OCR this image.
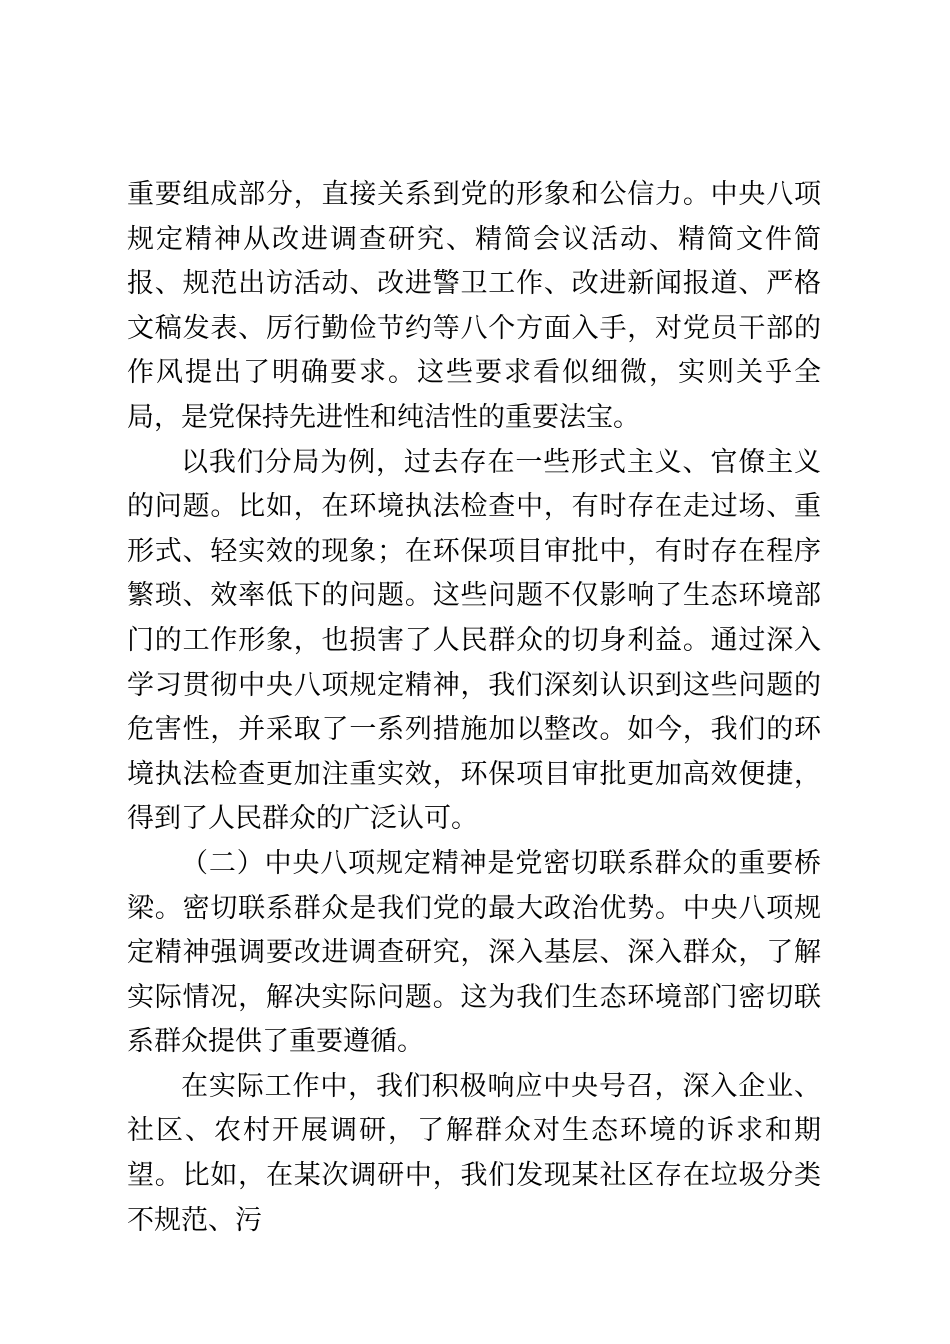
重要组成部分，直接关系到党的形象和公信力。中央八项规定精神从改进调查研究、精简会议活动、精简文件简报、规范出访活动、改进警卫工作、改进新闻报道、严格文稿发表、厉行勤俭节约等八个方面入手，对党员干部的作风提出了明确要求。这些要求看似细微，实则关乎全局，是党保持先进性和纯洁性的重要法宝。

以我们分局为例，过去存在一些形式主义、官僚主义的问题。比如，在环境执法检查中，有时存在走过场、重形式、轻实效的现象；在环保项目审批中，有时存在程序繁琐、效率低下的问题。这些问题不仅影响了生态环境部门的工作形象，也损害了人民群众的切身利益。通过深入学习贯彻中央八项规定精神，我们深刻认识到这些问题的危害性，并采取了一系列措施加以整改。如今，我们的环境执法检查更加注重实效，环保项目审批更加高效便捷，得到了人民群众的广泛认可。

（二）中央八项规定精神是党密切联系群众的重要桥梁。密切联系群众是我们党的最大政治优势。中央八项规定精神强调要改进调查研究，深入基层、深入群众，了解实际情况，解决实际问题。这为我们生态环境部门密切联系群众提供了重要遵循。

在实际工作中，我们积极响应中央号召，深入企业、社区、农村开展调研，了解群众对生态环境的诉求和期望。比如，在某次调研中，我们发现某社区存在垃圾分类不规范、污
